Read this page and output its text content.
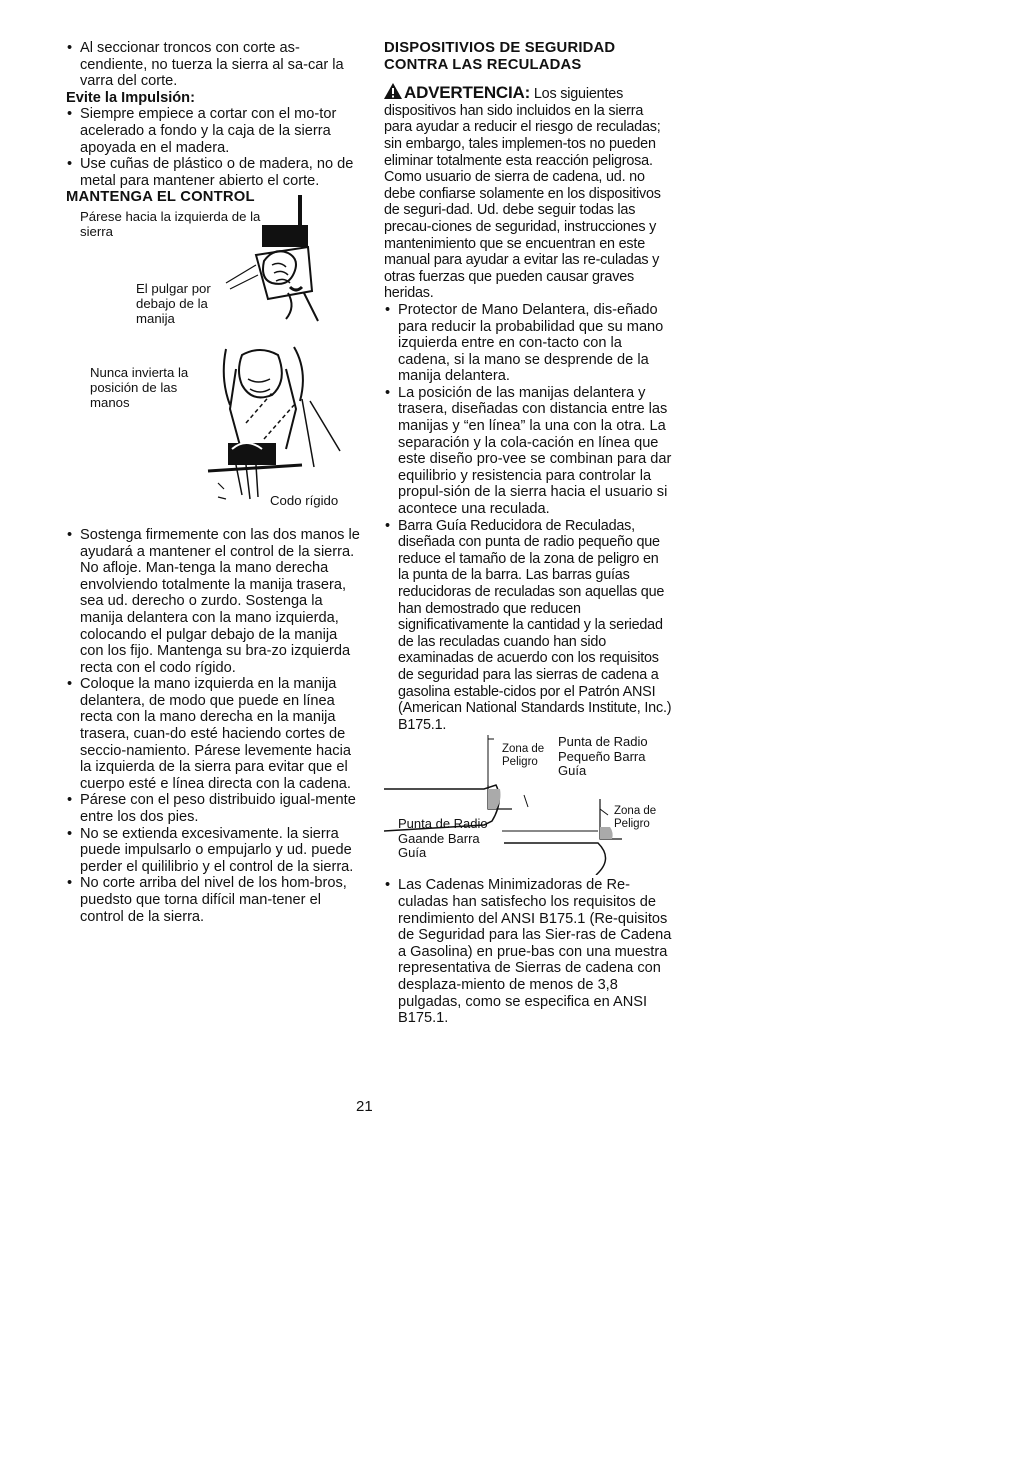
• Al seccionar troncos con corte as-cendiente, no tuerza la sierra al sa-car la varra del corte.

Evite la Impulsión:

• Siempre empiece a cortar con el mo-tor acelerado a fondo y la caja de la sierra apoyada en el madera.
• Use cuñas de plástico o de madera, no de metal para mantener abierto el corte.

MANTENGA EL CONTROL

Párese hacia la izquierda de la sierra
El pulgar por debajo de la manija
Nunca invierta la posición de las manos
Codo rígido
• Sostenga firmemente con las dos manos le ayudará a mantener el control de la sierra. No afloje. Man-tenga la mano derecha envolviendo totalmente la manija trasera, sea ud. derecho o zurdo. Sostenga la manija delantera con la mano izquierda, colocando el pulgar debajo de la manija con los fijo. Mantenga su bra-zo izquierda recta con el codo rígido.
• Coloque la mano izquierda en la manija delantera, de modo que puede en línea recta con la mano derecha en la manija trasera, cuan-do esté haciendo cortes de seccio-namiento. Párese levemente hacia la izquierda de la sierra para evitar que el cuerpo esté e línea directa con la cadena.
• Párese con el peso distribuido igual-mente entre los dos pies.
• No se extienda excesivamente. la sierra puede impulsarlo o empujarlo y ud. puede perder el quililibrio y el control de la sierra.
• No corte arriba del nivel de los hom-bros, puedsto que torna difícil man-tener el control de la sierra.

DISPOSITIVIOS DE SEGURIDAD

CONTRA LAS RECULADAS

ADVERTENCIA: Los siguientes dispositivos han sido incluidos en la sierra para ayudar a reducir el riesgo de reculadas; sin embargo, tales implemen-tos no pueden eliminar totalmente esta reacción peligrosa. Como usuario de sierra de cadena, ud. no debe confiarse solamente en los dispositivos de seguri-dad. Ud. debe seguir todas las precau-ciones de seguridad, instrucciones y mantenimiento que se encuentran en este manual para ayudar a evitar las re-culadas y otras fuerzas que pueden causar graves heridas.
• Protector de Mano Delantera, dis-eñado para reducir la probabilidad que su mano izquierda entre en con-tacto con la cadena, si la mano se desprende de la manija delantera.
• La posición de las manijas delantera y trasera, diseñadas con distancia entre las manijas y “en línea” la una con la otra. La separación y la cola-cación en línea que este diseño pro-vee se combinan para dar equilibrio y resistencia para controlar la propul-sión de la sierra hacia el usuario si acontece una reculada.
• Barra Guía Reducidora de Reculadas, diseñada con punta de radio pequeño que reduce el tamaño de la zona de peligro en la punta de la barra. Las barras guías reducidoras de reculadas son aquellas que han demostrado que reducen significativamente la cantidad y la seriedad de las reculadas cuando han sido examinadas de acuerdo con los requisitos de seguridad para las sierras de cadena a gasolina estable-cidos por el Patrón ANSI (American National Standards Institute, Inc.) B175.1.
Zona de Peligro
Punta de Radio Pequeño Barra Guía
Zona de Peligro
Punta de Radio Gaande Barra Guía
• Las Cadenas Minimizadoras de Re-culadas han satisfecho los requisitos de rendimiento del ANSI B175.1 (Re-quisitos de Seguridad para las Sier-ras de Cadena a Gasolina) en prue-bas con una muestra representativa de Sierras de cadena con desplaza-miento de menos de 3,8 pulgadas, como se especifica en ANSI B175.1.
21
